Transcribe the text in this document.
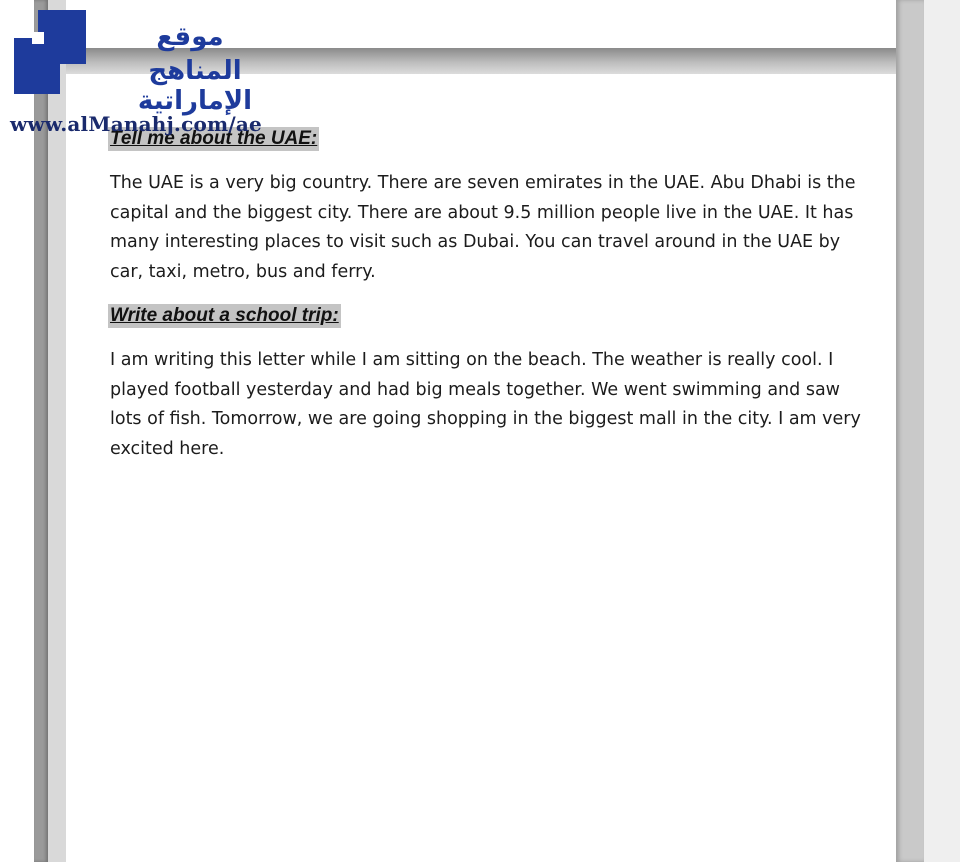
Tell me about the UAE:
The UAE is a very big country. There are seven emirates in the UAE. Abu Dhabi is the
capital and the biggest city. There are about 9.5 million people live in the UAE. It has
many interesting places to visit such as Dubai. You can travel around in the UAE by
car, taxi, metro, bus and ferry.
Write about a school trip:
I am writing this letter while I am sitting on the beach. The weather is really cool. I
played football yesterday and had big meals together. We went swimming and saw
lots of fish. Tomorrow, we are going shopping in the biggest mall in the city. I am very
excited here.
موقع
المناهج الإماراتية
www.alManahj.com/ae
